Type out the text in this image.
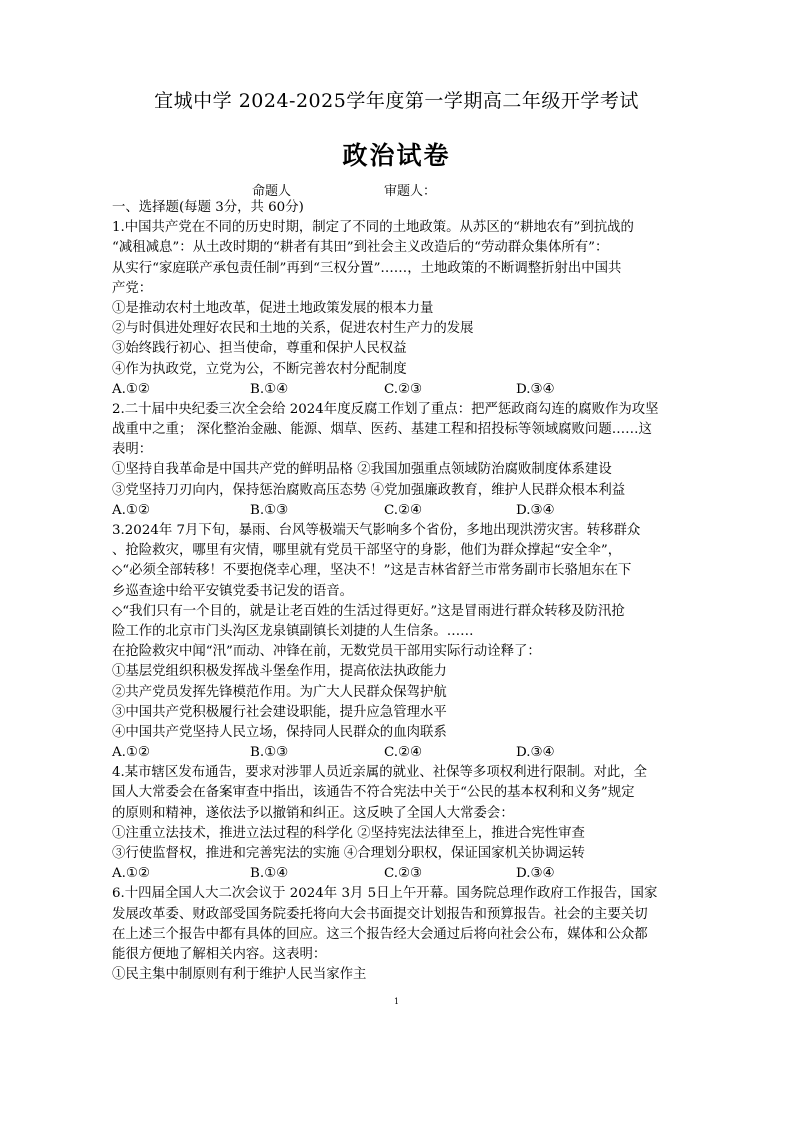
宜城中学 2024-2025学年度第一学期高二年级开学考试
政治试卷
命题人	审题人：
一、选择题(每题 3分，共 60分)
1.中国共产党在不同的历史时期，制定了不同的土地政策。从苏区的“耕地农有”到抗战的
“减租减息”：从土改时期的“耕者有其田”到社会主义改造后的“劳动群众集体所有”：
从实行“家庭联产承包责任制”再到“三权分置”……，土地政策的不断调整折射出中国共
产党：
①是推动农村土地改革，促进土地政策发展的根本力量
②与时俱进处理好农民和土地的关系，促进农村生产力的发展
③始终践行初心、担当使命，尊重和保护人民权益
④作为执政党，立党为公，不断完善农村分配制度
A.①②	B.①④	C.②③	D.③④
2.二十届中央纪委三次全会给 2024年度反腐工作划了重点：把严惩政商勾连的腐败作为攻坚
战重中之重； 深化整治金融、能源、烟草、医药、基建工程和招投标等领域腐败问题……这
表明：
①坚持自我革命是中国共产党的鲜明品格 ②我国加强重点领域防治腐败制度体系建设
③党坚持刀刃向内，保持惩治腐败高压态势 ④党加强廉政教育，维护人民群众根本利益
A.①②	B.①③	C.②④	D.③④
3.2024年 7月下旬，暴雨、台风等极端天气影响多个省份，多地出现洪涝灾害。转移群众
、抢险救灾，哪里有灾情，哪里就有党员干部坚守的身影，他们为群众撑起“安全伞”，
◇“必须全部转移！不要抱侥幸心理，坚决不！”这是吉林省舒兰市常务副市长骆旭东在下
乡巡查途中给平安镇党委书记发的语音。
◇“我们只有一个目的，就是让老百姓的生活过得更好。”这是冒雨进行群众转移及防汛抢
险工作的北京市门头沟区龙泉镇副镇长刘捷的人生信条。……
在抢险救灾中闻“汛”而动、冲锋在前，无数党员干部用实际行动诠释了：
①基层党组织积极发挥战斗堡垒作用，提高依法执政能力
②共产党员发挥先锋模范作用。为广大人民群众保驾护航
③中国共产党积极履行社会建设职能，提升应急管理水平
④中国共产党坚持人民立场，保持同人民群众的血肉联系
A.①②	B.①③	C.②④	D.③④
4.某市辖区发布通告，要求对涉罪人员近亲属的就业、社保等多项权利进行限制。对此，全
国人大常委会在备案审查中指出，该通告不符合宪法中关于“公民的基本权利和义务”规定
的原则和精神，遂依法予以撤销和纠正。这反映了全国人大常委会：
①注重立法技术，推进立法过程的科学化 ②坚持宪法法律至上，推进合宪性审查
③行使监督权，推进和完善宪法的实施 ④合理划分职权，保证国家机关协调运转
A.①②	B.①④	C.②③	D.③④
6.十四届全国人大二次会议于 2024年 3月 5日上午开幕。国务院总理作政府工作报告，国家
发展改革委、财政部受国务院委托将向大会书面提交计划报告和预算报告。社会的主要关切
在上述三个报告中都有具体的回应。这三个报告经大会通过后将向社会公布，媒体和公众都
能很方便地了解相关内容。这表明：
①民主集中制原则有利于维护人民当家作主
1
